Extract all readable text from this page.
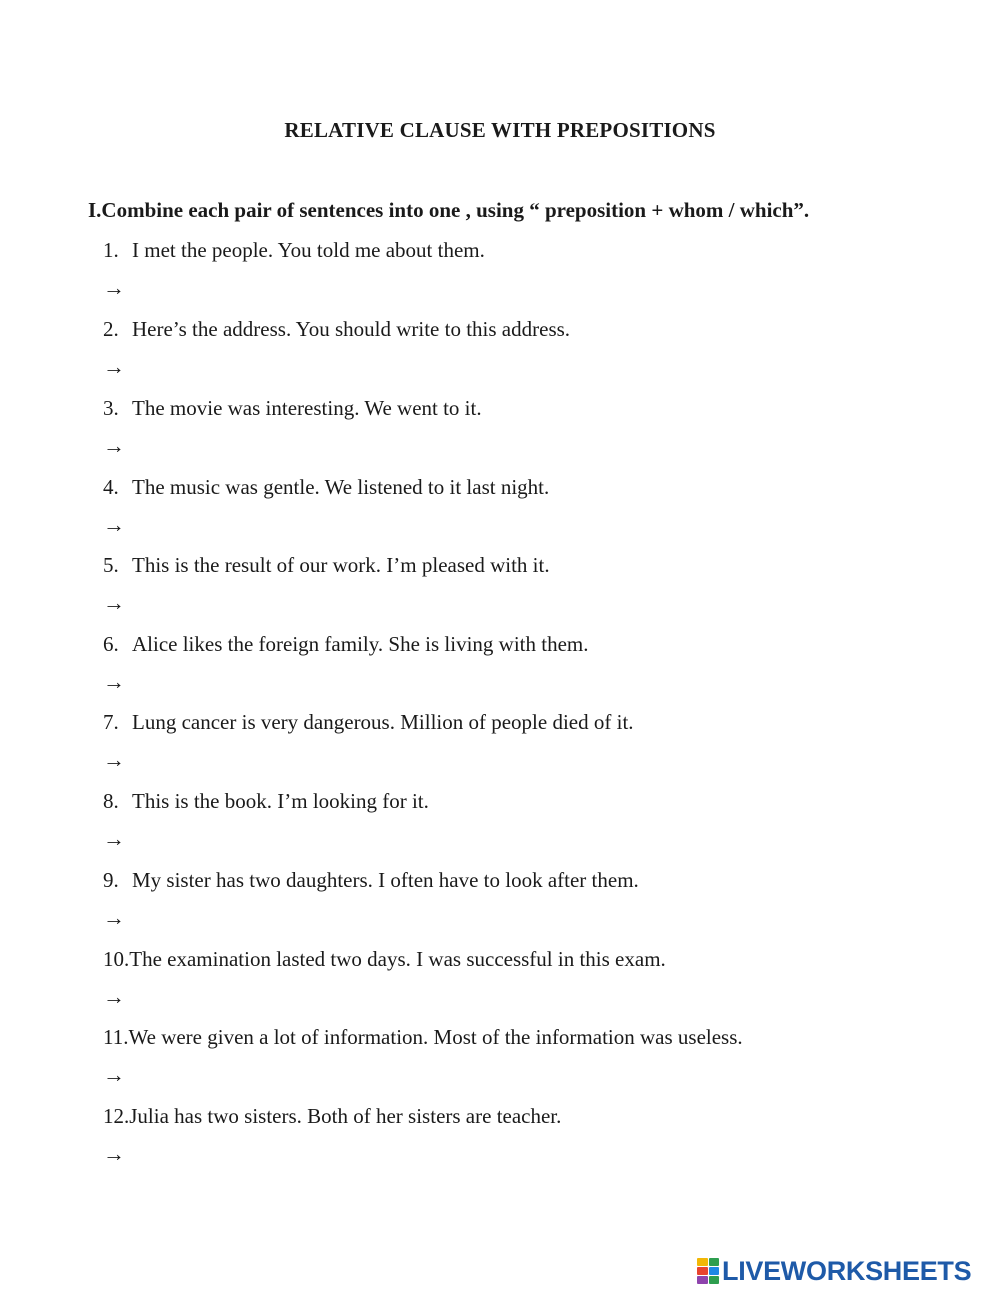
RELATIVE CLAUSE WITH PREPOSITIONS

I.Combine each pair of sentences into one , using “ preposition + whom / which”.

1. I met the people. You told me about them.
→
2. Here’s the address. You should write to this address.
→
3. The movie was interesting. We went to it.
→
4. The music was gentle. We listened to it last night.
→
5. This is the result of our work. I’m pleased with it.
→
6. Alice likes the foreign family. She is living with them.
→
7. Lung cancer is very dangerous. Million of people died of it.
→
8. This is the book. I’m looking for it.
→
9. My sister has two daughters. I often have to look after them.
→
10.The examination lasted two days. I was successful in this exam.
→
11.We were given a lot of information. Most of the information was useless.
→
12.Julia has two sisters. Both of her sisters are teacher.
→
LIVEWORKSHEETS
